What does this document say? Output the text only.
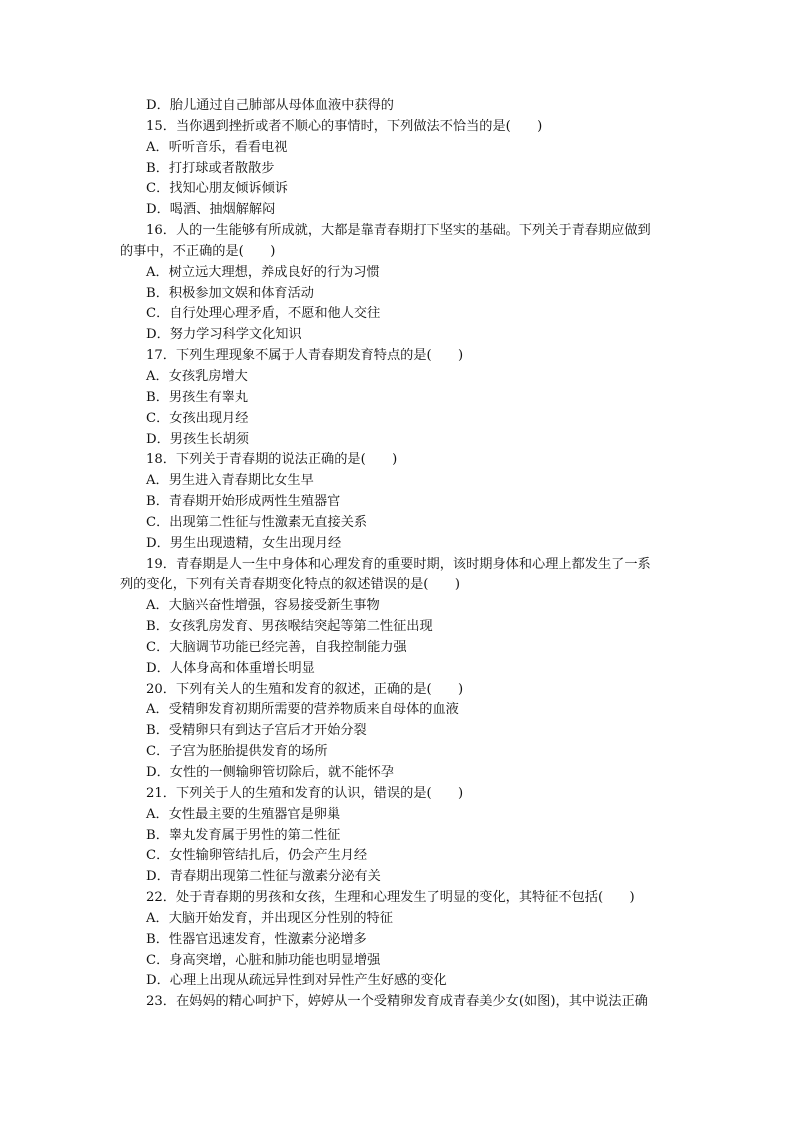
D．胎儿通过自己肺部从母体血液中获得的
15．当你遇到挫折或者不顺心的事情时，下列做法不恰当的是(　　)
A．听听音乐，看看电视
B．打打球或者散散步
C．找知心朋友倾诉倾诉
D．喝酒、抽烟解解闷
16．人的一生能够有所成就，大都是靠青春期打下坚实的基础。下列关于青春期应做到
的事中，不正确的是(　　)
A．树立远大理想，养成良好的行为习惯
B．积极参加文娱和体育活动
C．自行处理心理矛盾，不愿和他人交往
D．努力学习科学文化知识
17．下列生理现象不属于人青春期发育特点的是(　　)
A．女孩乳房增大
B．男孩生有睾丸
C．女孩出现月经
D．男孩生长胡须
18．下列关于青春期的说法正确的是(　　)
A．男生进入青春期比女生早
B．青春期开始形成两性生殖器官
C．出现第二性征与性激素无直接关系
D．男生出现遗精，女生出现月经
19．青春期是人一生中身体和心理发育的重要时期，该时期身体和心理上都发生了一系
列的变化，下列有关青春期变化特点的叙述错误的是(　　)
A．大脑兴奋性增强，容易接受新生事物
B．女孩乳房发育、男孩喉结突起等第二性征出现
C．大脑调节功能已经完善，自我控制能力强
D．人体身高和体重增长明显
20．下列有关人的生殖和发育的叙述，正确的是(　　)
A．受精卵发育初期所需要的营养物质来自母体的血液
B．受精卵只有到达子宫后才开始分裂
C．子宫为胚胎提供发育的场所
D．女性的一侧输卵管切除后，就不能怀孕
21．下列关于人的生殖和发育的认识，错误的是(　　)
A．女性最主要的生殖器官是卵巢
B．睾丸发育属于男性的第二性征
C．女性输卵管结扎后，仍会产生月经
D．青春期出现第二性征与激素分泌有关
22．处于青春期的男孩和女孩，生理和心理发生了明显的变化，其特征不包括(　　)
A．大脑开始发育，并出现区分性别的特征
B．性器官迅速发育，性激素分泌增多
C．身高突增，心脏和肺功能也明显增强
D．心理上出现从疏远异性到对异性产生好感的变化
23．在妈妈的精心呵护下，婷婷从一个受精卵发育成青春美少女(如图)，其中说法正确
